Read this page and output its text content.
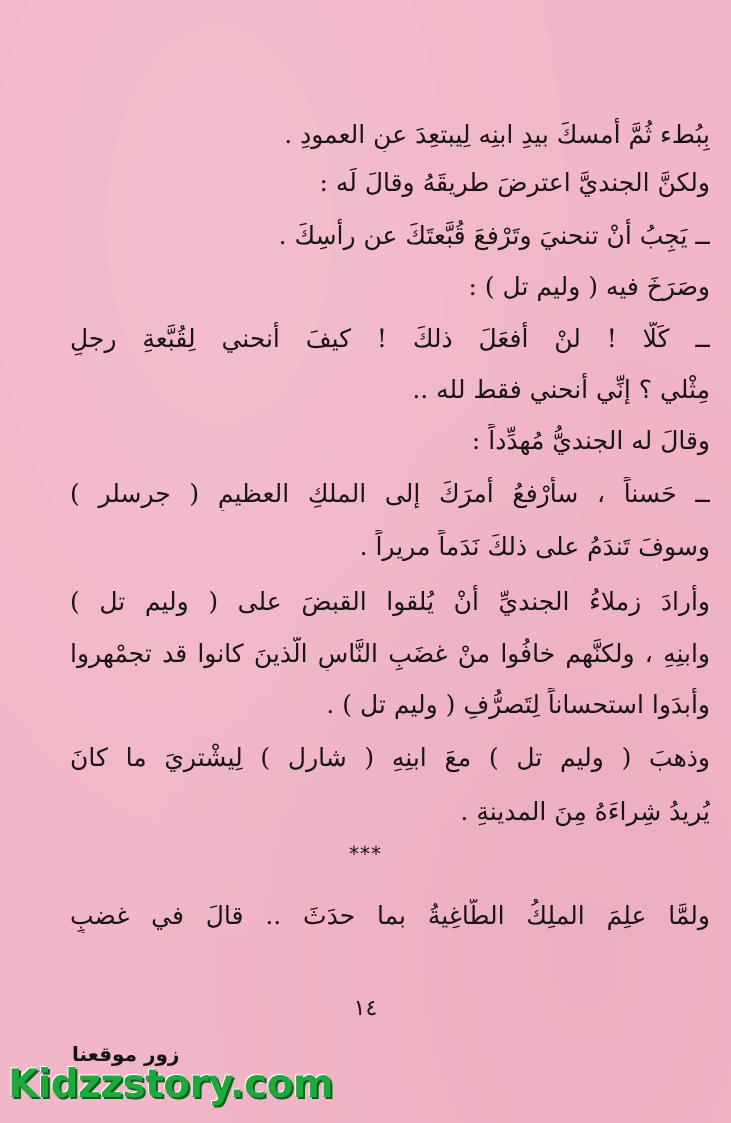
بِبُطء ثُمَّ أمسكَ بيدِ ابنِه لِيبتعِدَ عنِ العمودِ .
ولكنَّ الجنديَّ اعترضَ طريقَهُ وقالَ لَه :
ــ يَجِبُ أنْ تنحنيَ وتَرْفعَ قُبَّعتَكَ عن رأسِكَ .
وصَرَخَ فيه ( وليم تل ) :
ــ كَلَّا ! لنْ أفعَلَ ذلكَ ! كيفَ أنحني لِقُبَّعةِ رجلٍ
مِثْلي ؟ إنِّي أنحني فقط لله ..
وقالَ له الجنديُّ مُهدِّداً :
ــ حَسناً ، سأرْفعُ أمرَكَ إلى الملكِ العظيمِ ( جرسلر )
وسوفَ تَندَمُ على ذلكَ نَدَماً مريراً .
وأرادَ زملاءُ الجنديِّ أنْ يُلقوا القبضَ على ( وليم تل )
وابنِهِ ، ولكنَّهم خافُوا منْ غضَبِ النَّاسِ الَّذينَ كانوا قد تجمْهروا
وأبدَوا استحساناً لِتَصرُّفِ ( وليم تل ) .
وذهبَ ( وليم تل ) معَ ابنِهِ ( شارل ) لِيشْتريَ ما كانَ
يُريدُ شِراءَهُ مِنَ المدينةِ .
***
ولمَّا علِمَ الملِكُ الطَّاغِيةُ بما حدَثَ .. قالَ في غضبٍ
١٤
زور موقعنا
Kidzzstory.com
